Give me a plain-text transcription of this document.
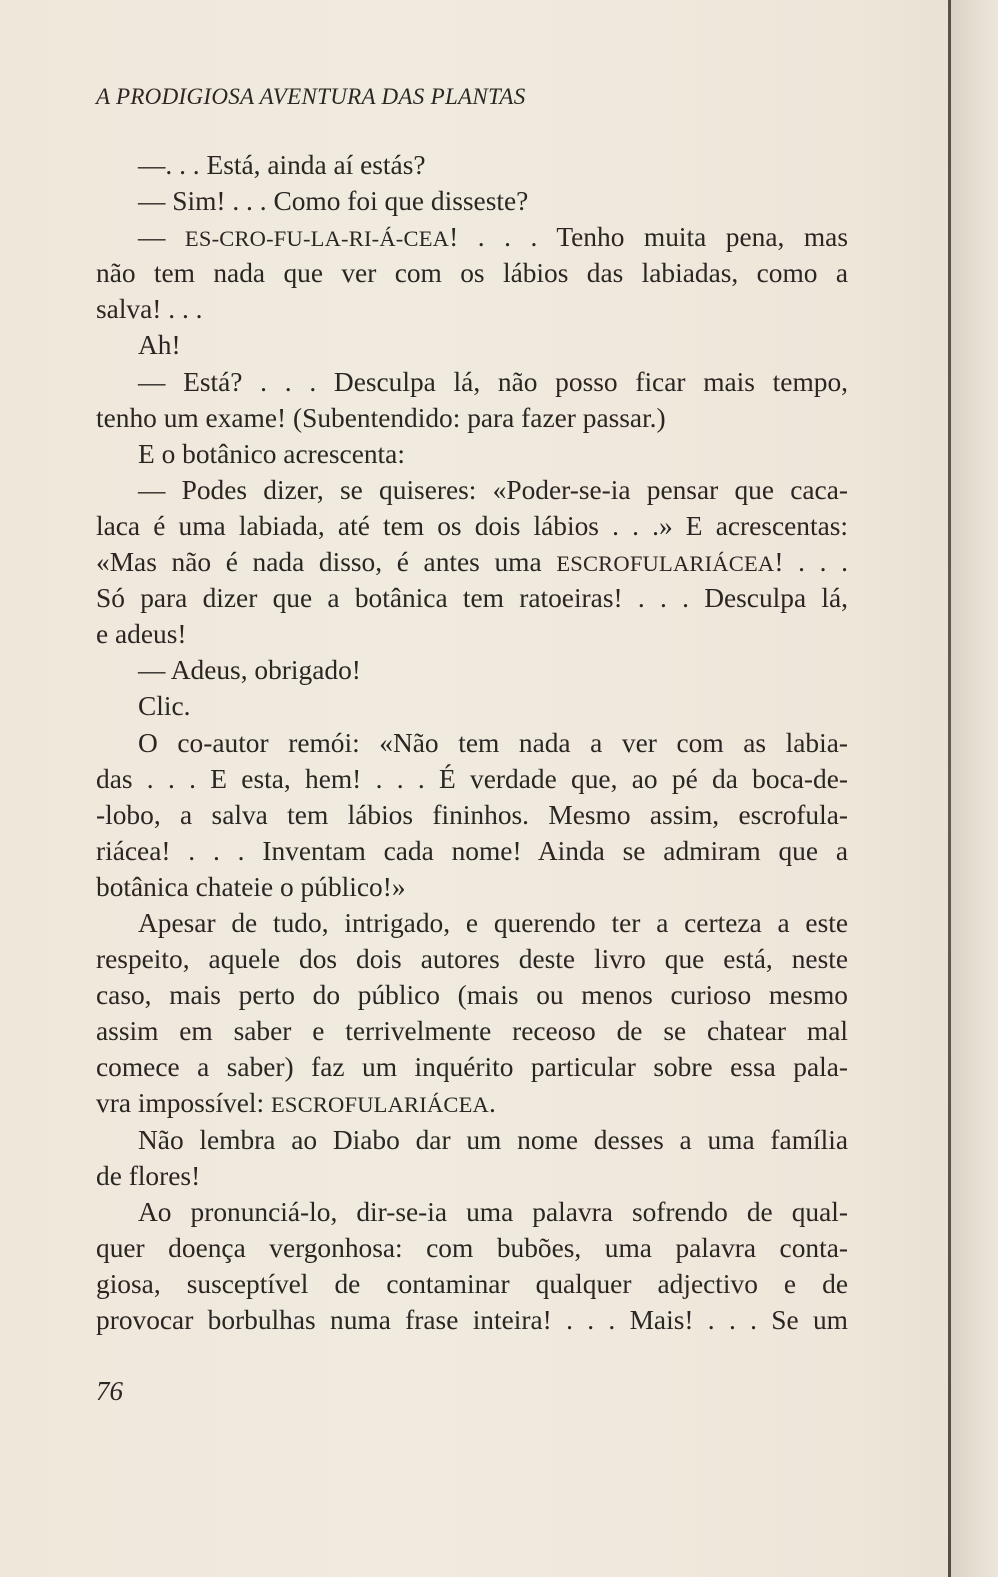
A PRODIGIOSA AVENTURA DAS PLANTAS
—. . . Está, ainda aí estás?
— Sim! . . . Como foi que disseste?
— ES-CRO-FU-LA-RI-Á-CEA! . . . Tenho muita pena, mas
não tem nada que ver com os lábios das labiadas, como a
salva! . . .
Ah!
— Está? . . . Desculpa lá, não posso ficar mais tempo,
tenho um exame! (Subentendido: para fazer passar.)
E o botânico acrescenta:
— Podes dizer, se quiseres: «Poder-se-ia pensar que caca-
laca é uma labiada, até tem os dois lábios . . .» E acrescentas:
«Mas não é nada disso, é antes uma ESCROFULARIÁCEA! . . .
Só para dizer que a botânica tem ratoeiras! . . . Desculpa lá,
e adeus!
— Adeus, obrigado!
Clic.
O co-autor remói: «Não tem nada a ver com as labia-
das . . . E esta, hem! . . . É verdade que, ao pé da boca-de-
-lobo, a salva tem lábios fininhos. Mesmo assim, escrofula-
riácea! . . . Inventam cada nome! Ainda se admiram que a
botânica chateie o público!»
Apesar de tudo, intrigado, e querendo ter a certeza a este
respeito, aquele dos dois autores deste livro que está, neste
caso, mais perto do público (mais ou menos curioso mesmo
assim em saber e terrivelmente receoso de se chatear mal
comece a saber) faz um inquérito particular sobre essa pala-
vra impossível: ESCROFULARIÁCEA.
Não lembra ao Diabo dar um nome desses a uma família
de flores!
Ao pronunciá-lo, dir-se-ia uma palavra sofrendo de qual-
quer doença vergonhosa: com bubões, uma palavra conta-
giosa, susceptível de contaminar qualquer adjectivo e de
provocar borbulhas numa frase inteira! . . . Mais! . . . Se um
76
